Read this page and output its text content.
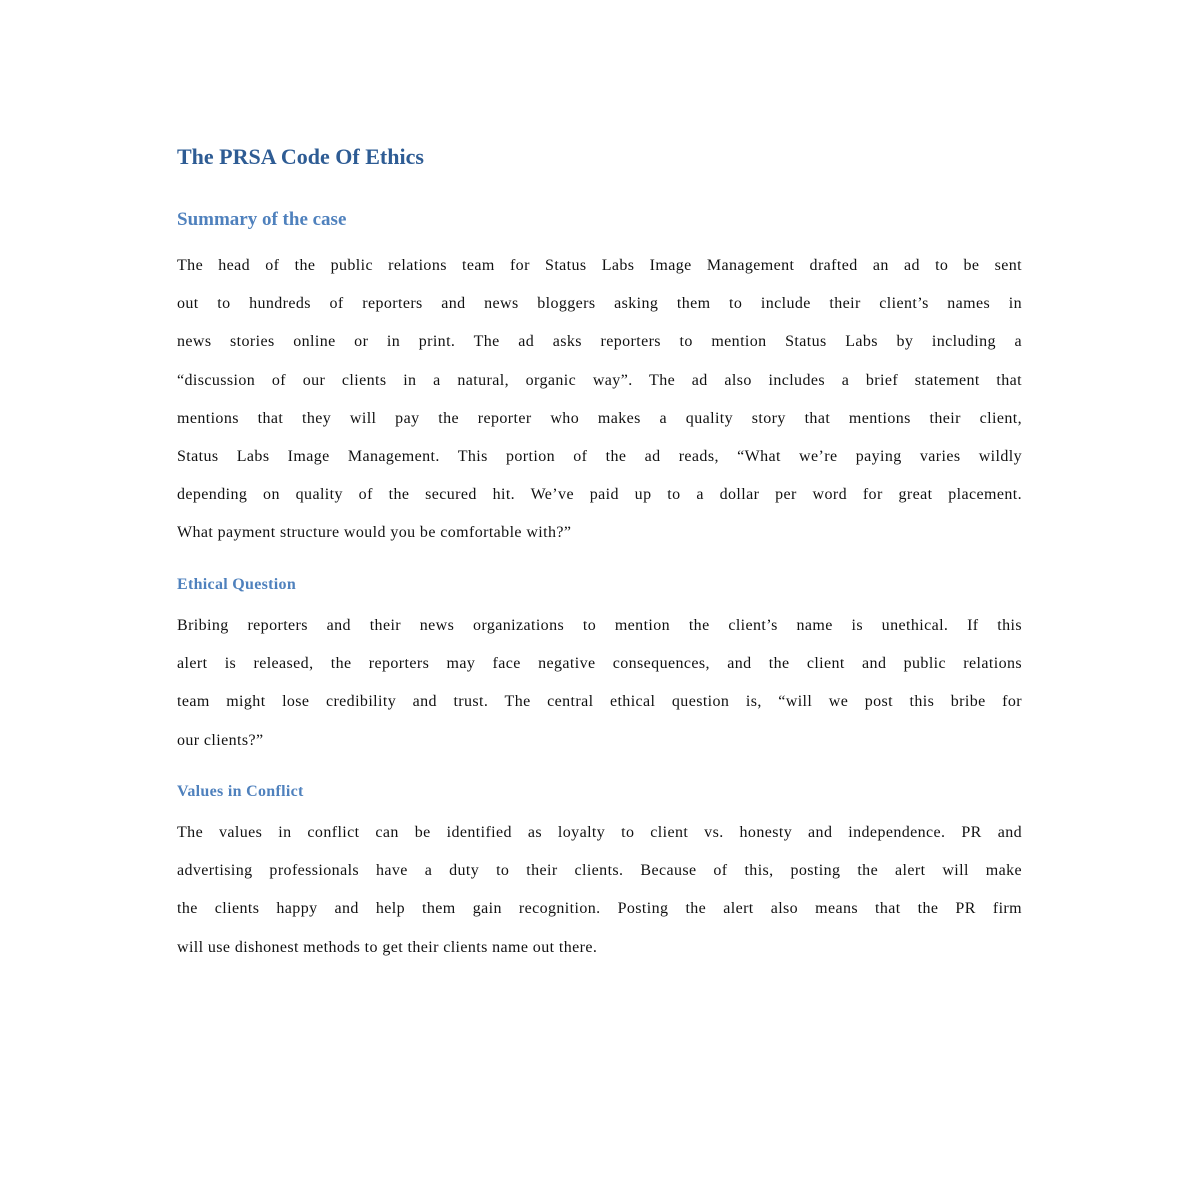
The PRSA Code Of Ethics
Summary of the case
The head of the public relations team for Status Labs Image Management drafted an ad to be sent
out to hundreds of reporters and news bloggers asking them to include their client’s names in
news stories online or in print. The ad asks reporters to mention Status Labs by including a
“discussion of our clients in a natural, organic way”. The ad also includes a brief statement that
mentions that they will pay the reporter who makes a quality story that mentions their client,
Status Labs Image Management. This portion of the ad reads, “What we’re paying varies wildly
depending on quality of the secured hit. We’ve paid up to a dollar per word for great placement.
What payment structure would you be comfortable with?”
Ethical Question
Bribing reporters and their news organizations to mention the client’s name is unethical. If this
alert is released, the reporters may face negative consequences, and the client and public relations
team might lose credibility and trust. The central ethical question is, “will we post this bribe for
our clients?”
Values in Conflict
The values in conflict can be identified as loyalty to client vs. honesty and independence. PR and
advertising professionals have a duty to their clients. Because of this, posting the alert will make
the clients happy and help them gain recognition. Posting the alert also means that the PR firm
will use dishonest methods to get their clients name out there.
